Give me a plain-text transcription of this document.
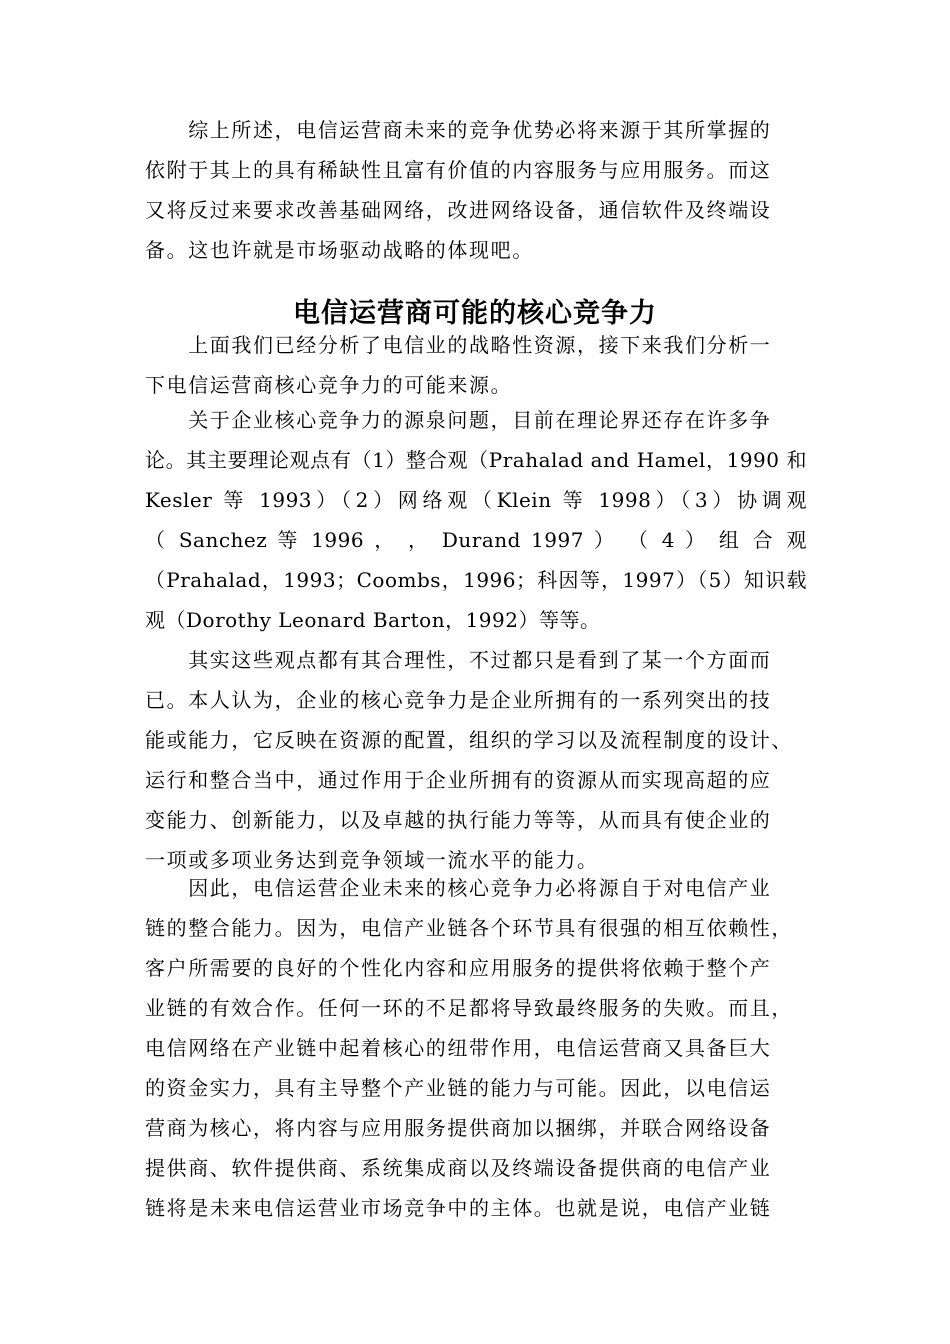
　　综上所述，电信运营商未来的竞争优势必将来源于其所掌握的
依附于其上的具有稀缺性且富有价值的内容服务与应用服务。而这
又将反过来要求改善基础网络，改进网络设备，通信软件及终端设
备。这也许就是市场驱动战略的体现吧。
电信运营商可能的核心竞争力
　　上面我们已经分析了电信业的战略性资源，接下来我们分析一
下电信运营商核心竞争力的可能来源。
　　关于企业核心竞争力的源泉问题，目前在理论界还存在许多争
论。其主要理论观点有（1）整合观（Prahalad and Hamel，1990 和
Kesler 等 1993）（2）网络观（Klein 等 1998）（3）协调观
（ Sanchez 等 1996 ， ， Durand 1997 ） （ 4 ） 组 合 观
（Prahalad，1993；Coombs，1996；科因等，1997）（5）知识载
观（Dorothy Leonard Barton，1992）等等。
　　其实这些观点都有其合理性，不过都只是看到了某一个方面而
已。本人认为，企业的核心竞争力是企业所拥有的一系列突出的技
能或能力，它反映在资源的配置，组织的学习以及流程制度的设计、
运行和整合当中，通过作用于企业所拥有的资源从而实现高超的应
变能力、创新能力，以及卓越的执行能力等等，从而具有使企业的
一项或多项业务达到竞争领域一流水平的能力。
　　因此，电信运营企业未来的核心竞争力必将源自于对电信产业
链的整合能力。因为，电信产业链各个环节具有很强的相互依赖性，
客户所需要的良好的个性化内容和应用服务的提供将依赖于整个产
业链的有效合作。任何一环的不足都将导致最终服务的失败。而且，
电信网络在产业链中起着核心的纽带作用，电信运营商又具备巨大
的资金实力，具有主导整个产业链的能力与可能。因此，以电信运
营商为核心，将内容与应用服务提供商加以捆绑，并联合网络设备
提供商、软件提供商、系统集成商以及终端设备提供商的电信产业
链将是未来电信运营业市场竞争中的主体。也就是说，电信产业链
